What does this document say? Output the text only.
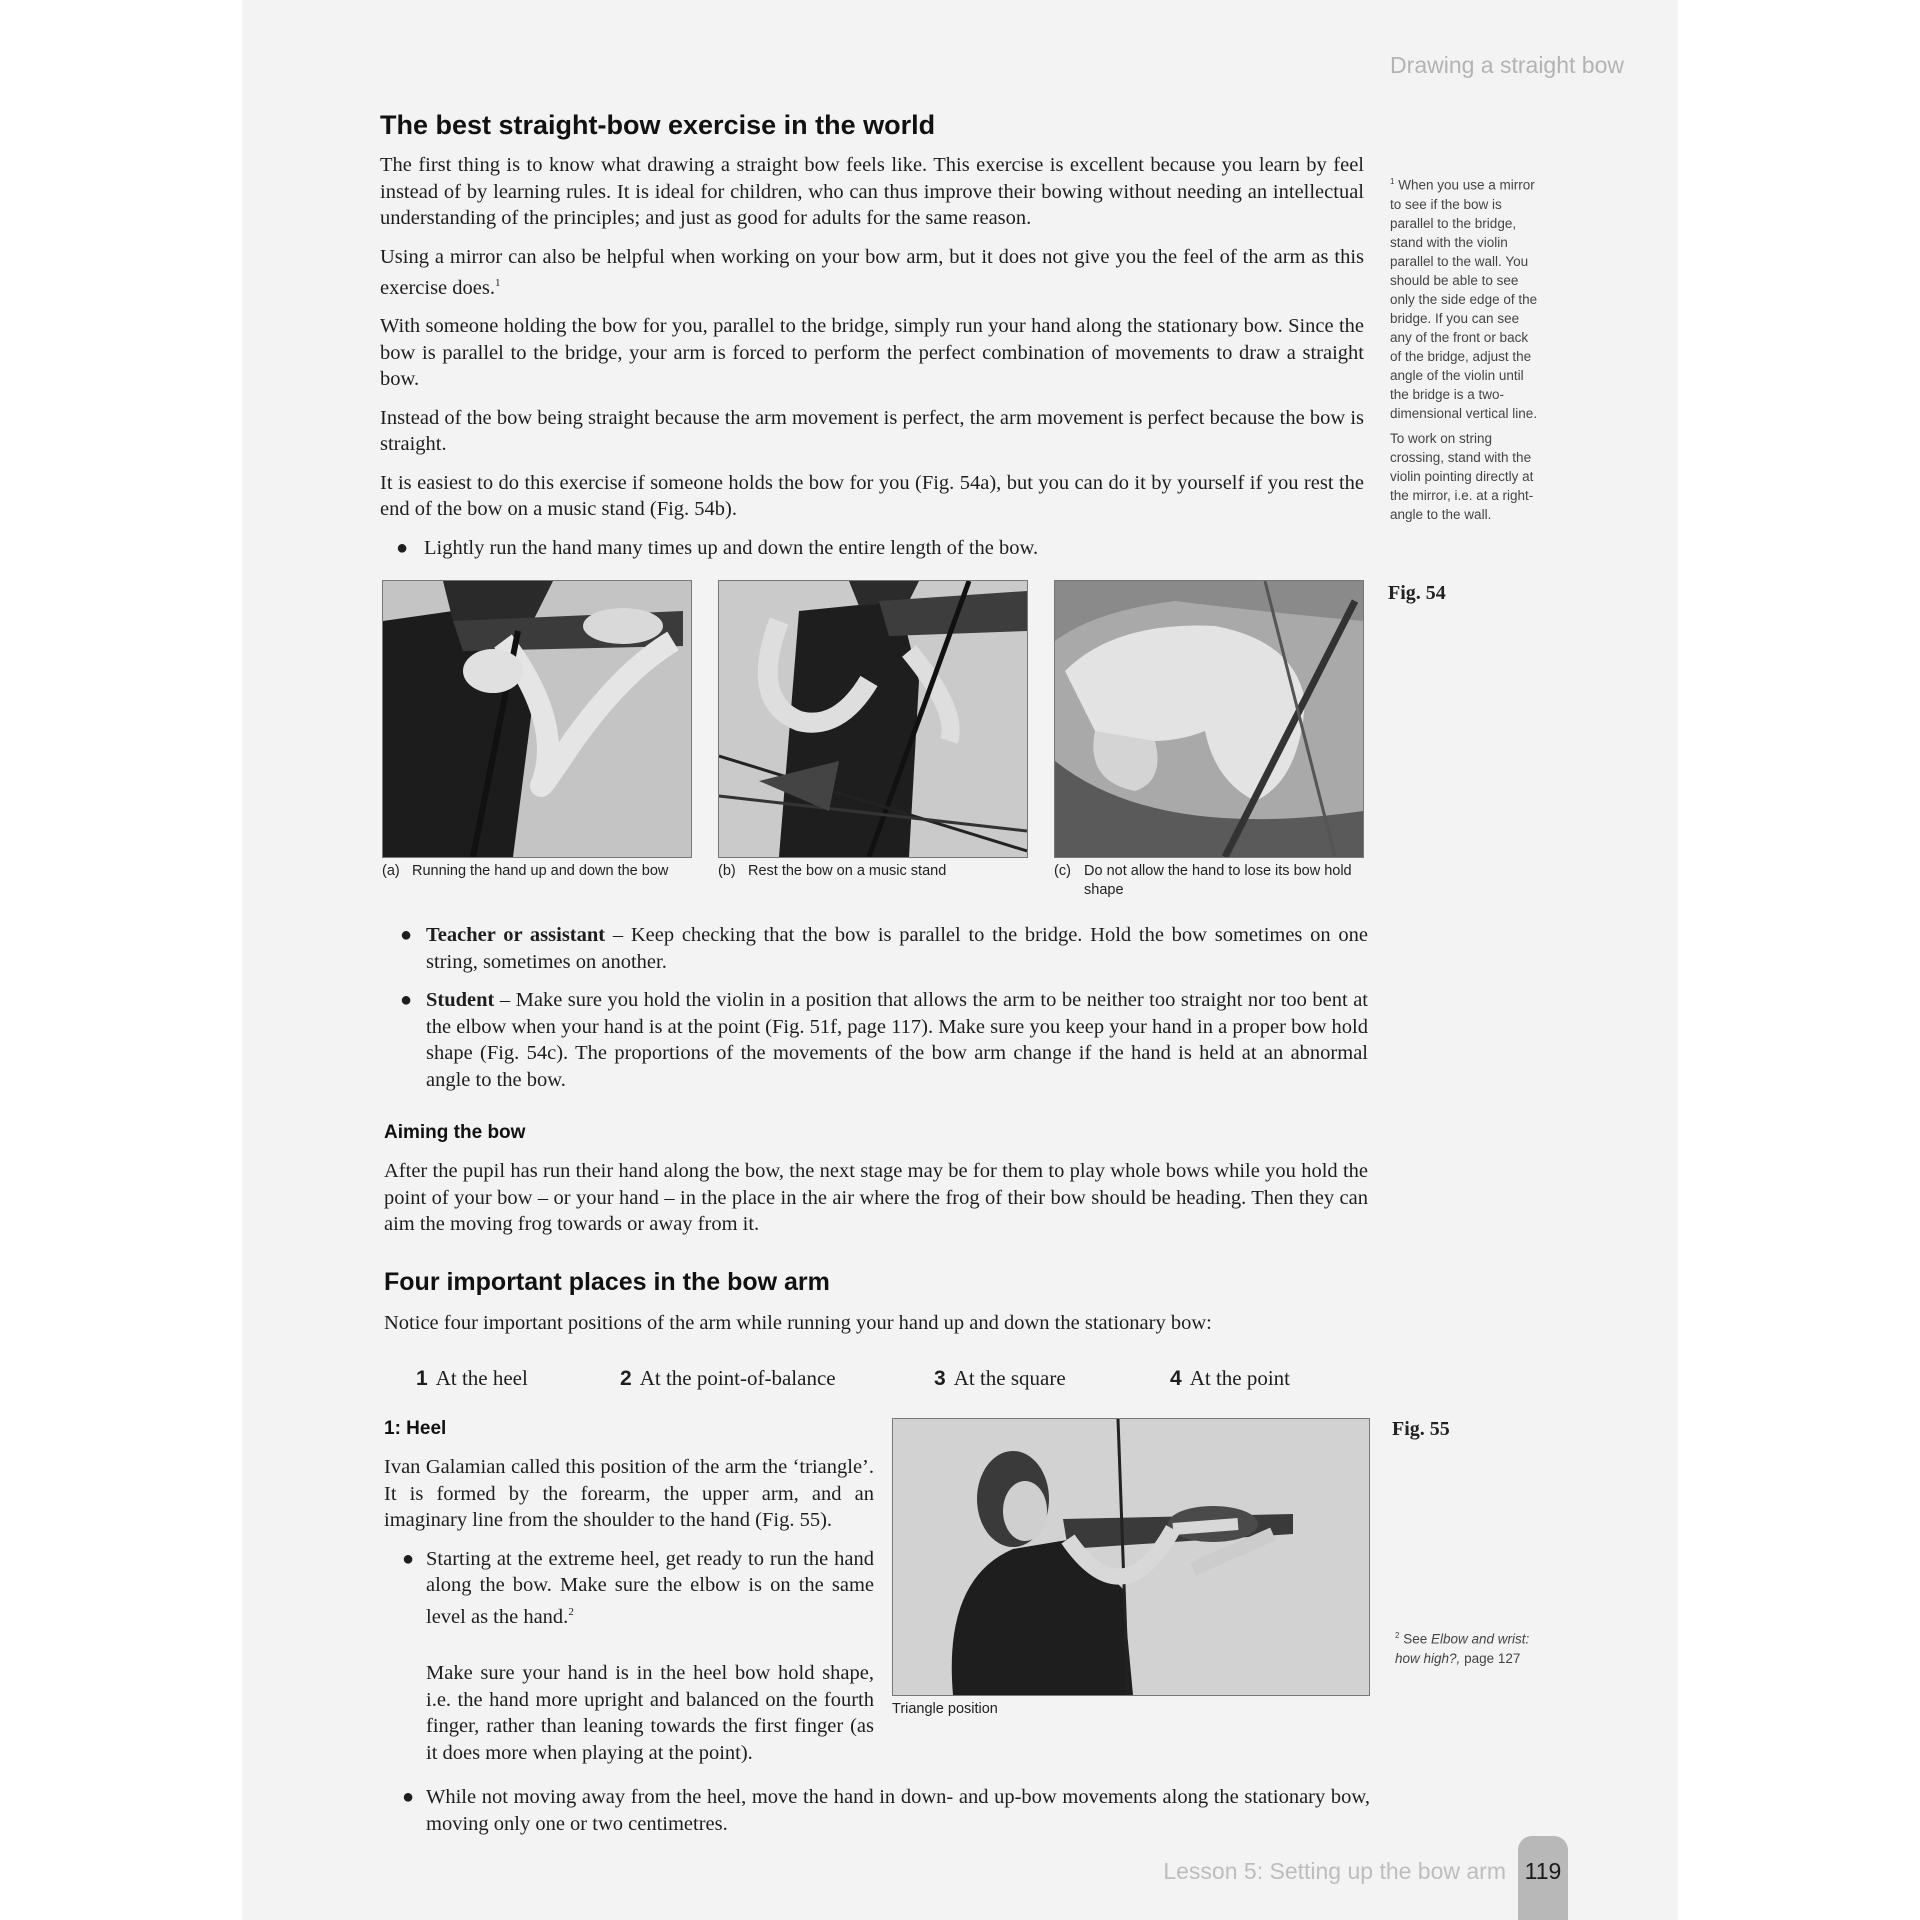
Drawing a straight bow
The best straight-bow exercise in the world

The first thing is to know what drawing a straight bow feels like. This exercise is excellent because you learn by feel instead of by learning rules. It is ideal for children, who can thus improve their bowing without needing an intellectual understanding of the principles; and just as good for adults for the same reason.

Using a mirror can also be helpful when working on your bow arm, but it does not give you the feel of the arm as this exercise does.$^1$

With someone holding the bow for you, parallel to the bridge, simply run your hand along the stationary bow. Since the bow is parallel to the bridge, your arm is forced to perform the perfect combination of movements to draw a straight bow.

Instead of the bow being straight because the arm movement is perfect, the arm movement is perfect because the bow is straight.

It is easiest to do this exercise if someone holds the bow for you (Fig. 54a), but you can do it by yourself if you rest the end of the bow on a music stand (Fig. 54b).

● Lightly run the hand many times up and down the entire length of the bow.
$^1$ When you use a mirror to see if the bow is parallel to the bridge, stand with the violin parallel to the wall. You should be able to see only the side edge of the bridge. If you can see any of the front or back of the bridge, adjust the angle of the violin until the bridge is a two-dimensional vertical line.
To work on string crossing, stand with the violin pointing directly at the mirror, i.e. at a right-angle to the wall.
Fig. 54
(a) Running the hand up and down the bow	(b) Rest the bow on a music stand	(c) Do not allow the hand to lose its bow hold shape
● Teacher or assistant – Keep checking that the bow is parallel to the bridge. Hold the bow sometimes on one string, sometimes on another.
● Student – Make sure you hold the violin in a position that allows the arm to be neither too straight nor too bent at the elbow when your hand is at the point (Fig. 51f, page 117). Make sure you keep your hand in a proper bow hold shape (Fig. 54c). The proportions of the movements of the bow arm change if the hand is held at an abnormal angle to the bow.
Aiming the bow
After the pupil has run their hand along the bow, the next stage may be for them to play whole bows while you hold the point of your bow – or your hand – in the place in the air where the frog of their bow should be heading. Then they can aim the moving frog towards or away from it.
Four important places in the bow arm
Notice four important positions of the arm while running your hand up and down the stationary bow:
1 At the heel	2 At the point-of-balance	3 At the square	4 At the point
1: Heel

Ivan Galamian called this position of the arm the ‘triangle’. It is formed by the forearm, the upper arm, and an imaginary line from the shoulder to the hand (Fig. 55).

● Starting at the extreme heel, get ready to run the hand along the bow. Make sure the elbow is on the same level as the hand.$^2$
Make sure your hand is in the heel bow hold shape, i.e. the hand more upright and balanced on the fourth finger, rather than leaning towards the first finger (as it does more when playing at the point).
● While not moving away from the heel, move the hand in down- and up-bow movements along the stationary bow, moving only one or two centimetres.
Triangle position
Fig. 55
$^2$ See Elbow and wrist: how high?, page 127
Lesson 5: Setting up the bow arm 119
